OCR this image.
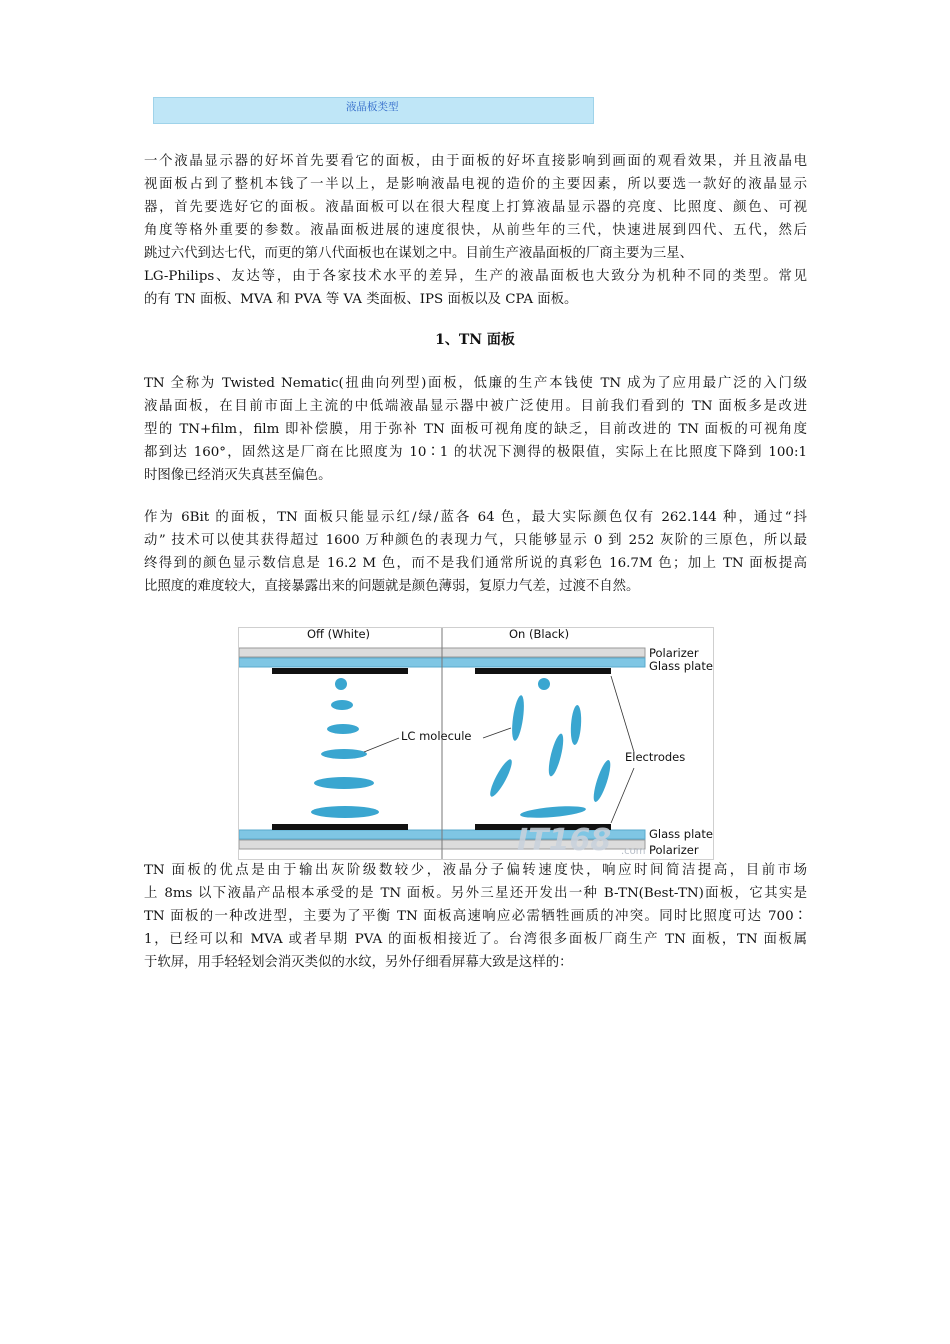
液晶板类型
一个液晶显示器的好坏首先要看它的面板，由于面板的好坏直接影响到画面的观看效果，并且液晶电
视面板占到了整机本钱了一半以上，是影响液晶电视的造价的主要因素，所以要选一款好的液晶显示
器，首先要选好它的面板。液晶面板可以在很大程度上打算液晶显示器的亮度、比照度、颜色、可视
角度等格外重要的参数。液晶面板进展的速度很快，从前些年的三代，快速进展到四代、五代，然后
跳过六代到达七代，而更的第八代面板也在谋划之中。目前生产液晶面板的厂商主要为三星、
LG-Philips、友达等，由于各家技术水平的差异，生产的液晶面板也大致分为机种不同的类型。常见
的有 TN 面板、MVA 和 PVA 等 VA 类面板、IPS 面板以及 CPA 面板。
1、TN 面板
TN 全称为 Twisted Nematic(扭曲向列型)面板，低廉的生产本钱使 TN 成为了应用最广泛的入门级
液晶面板，在目前市面上主流的中低端液晶显示器中被广泛使用。目前我们看到的 TN 面板多是改进
型的 TN+film，film 即补偿膜，用于弥补 TN 面板可视角度的缺乏，目前改进的 TN 面板的可视角度
都到达 160°，固然这是厂商在比照度为 10∶1 的状况下测得的极限值，实际上在比照度下降到 100:1
时图像已经消灭失真甚至偏色。
作为 6Bit 的面板，TN 面板只能显示红/绿/蓝各 64 色，最大实际颜色仅有 262.144 种，通过“抖
动” 技术可以使其获得超过 1600 万种颜色的表现力气，只能够显示 0 到 252 灰阶的三原色，所以最
终得到的颜色显示数信息是 16.2 M 色，而不是我们通常所说的真彩色 16.7M 色；加上 TN 面板提高
比照度的难度较大，直接暴露出来的问题就是颜色薄弱，复原力气差，过渡不自然。
Off (White)	On (Black)
LC molecule
Electrodes
Polarizer
Glass plate
Glass plate
Polarizer
IT168 .com
TN 面板的优点是由于输出灰阶级数较少，液晶分子偏转速度快，响应时间简洁提高，目前市场
上 8ms 以下液晶产品根本承受的是 TN 面板。另外三星还开发出一种 B-TN(Best-TN)面板，它其实是
TN 面板的一种改进型，主要为了平衡 TN 面板高速响应必需牺牲画质的冲突。同时比照度可达 700∶
1，已经可以和 MVA 或者早期 PVA 的面板相接近了。台湾很多面板厂商生产 TN 面板，TN 面板属
于软屏，用手轻轻划会消灭类似的水纹，另外仔细看屏幕大致是这样的：
